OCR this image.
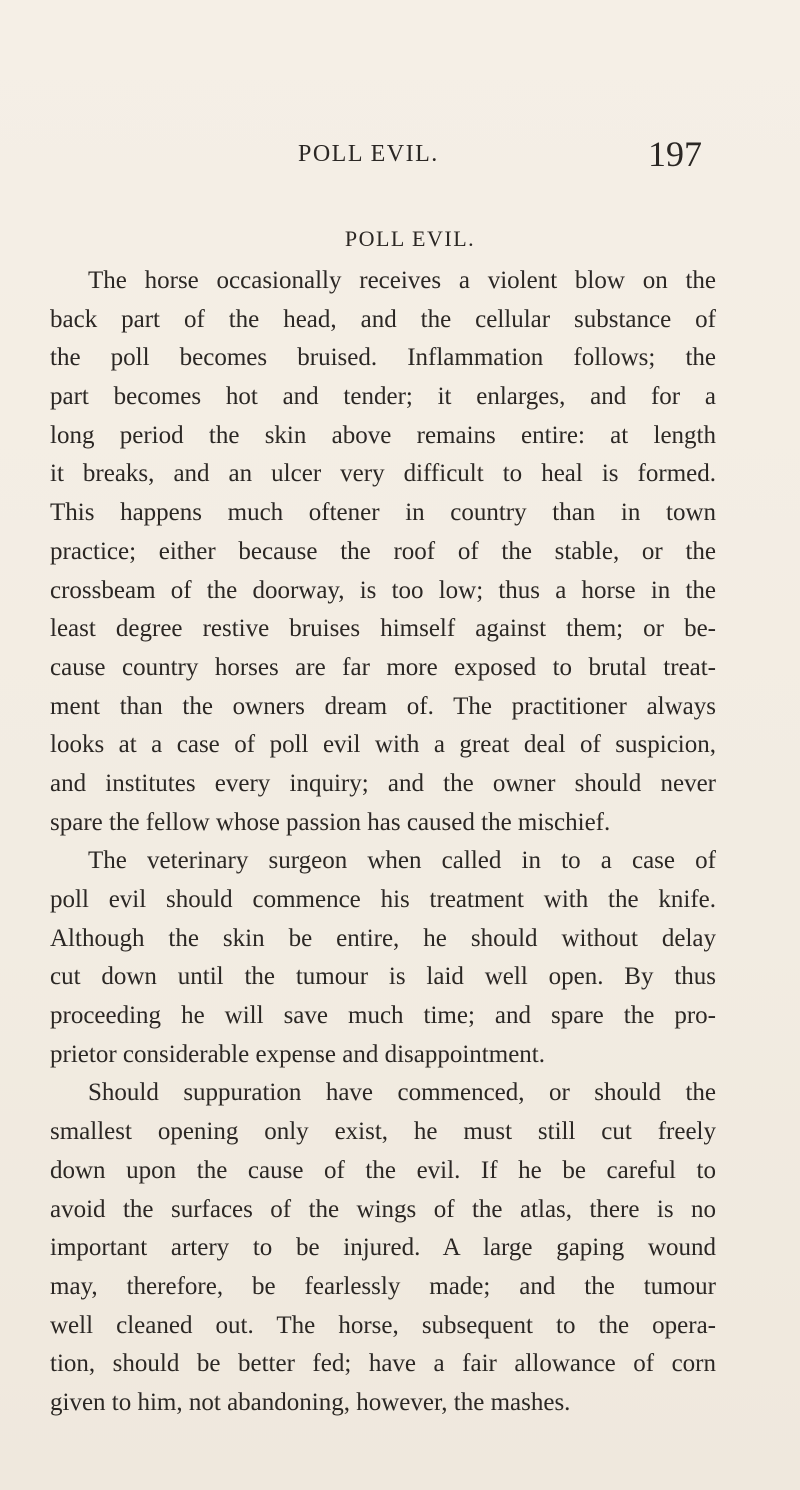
POLL EVIL.	197
POLL EVIL.
The horse occasionally receives a violent blow on the
back part of the head, and the cellular substance of
the poll becomes bruised. Inflammation follows; the
part becomes hot and tender; it enlarges, and for a
long period the skin above remains entire: at length
it breaks, and an ulcer very difficult to heal is formed.
This happens much oftener in country than in town
practice; either because the roof of the stable, or the
crossbeam of the doorway, is too low; thus a horse in the
least degree restive bruises himself against them; or be-
cause country horses are far more exposed to brutal treat-
ment than the owners dream of. The practitioner always
looks at a case of poll evil with a great deal of suspicion,
and institutes every inquiry; and the owner should never
spare the fellow whose passion has caused the mischief.
The veterinary surgeon when called in to a case of
poll evil should commence his treatment with the knife.
Although the skin be entire, he should without delay
cut down until the tumour is laid well open. By thus
proceeding he will save much time; and spare the pro-
prietor considerable expense and disappointment.
Should suppuration have commenced, or should the
smallest opening only exist, he must still cut freely
down upon the cause of the evil. If he be careful to
avoid the surfaces of the wings of the atlas, there is no
important artery to be injured. A large gaping wound
may, therefore, be fearlessly made; and the tumour
well cleaned out. The horse, subsequent to the opera-
tion, should be better fed; have a fair allowance of corn
given to him, not abandoning, however, the mashes.
